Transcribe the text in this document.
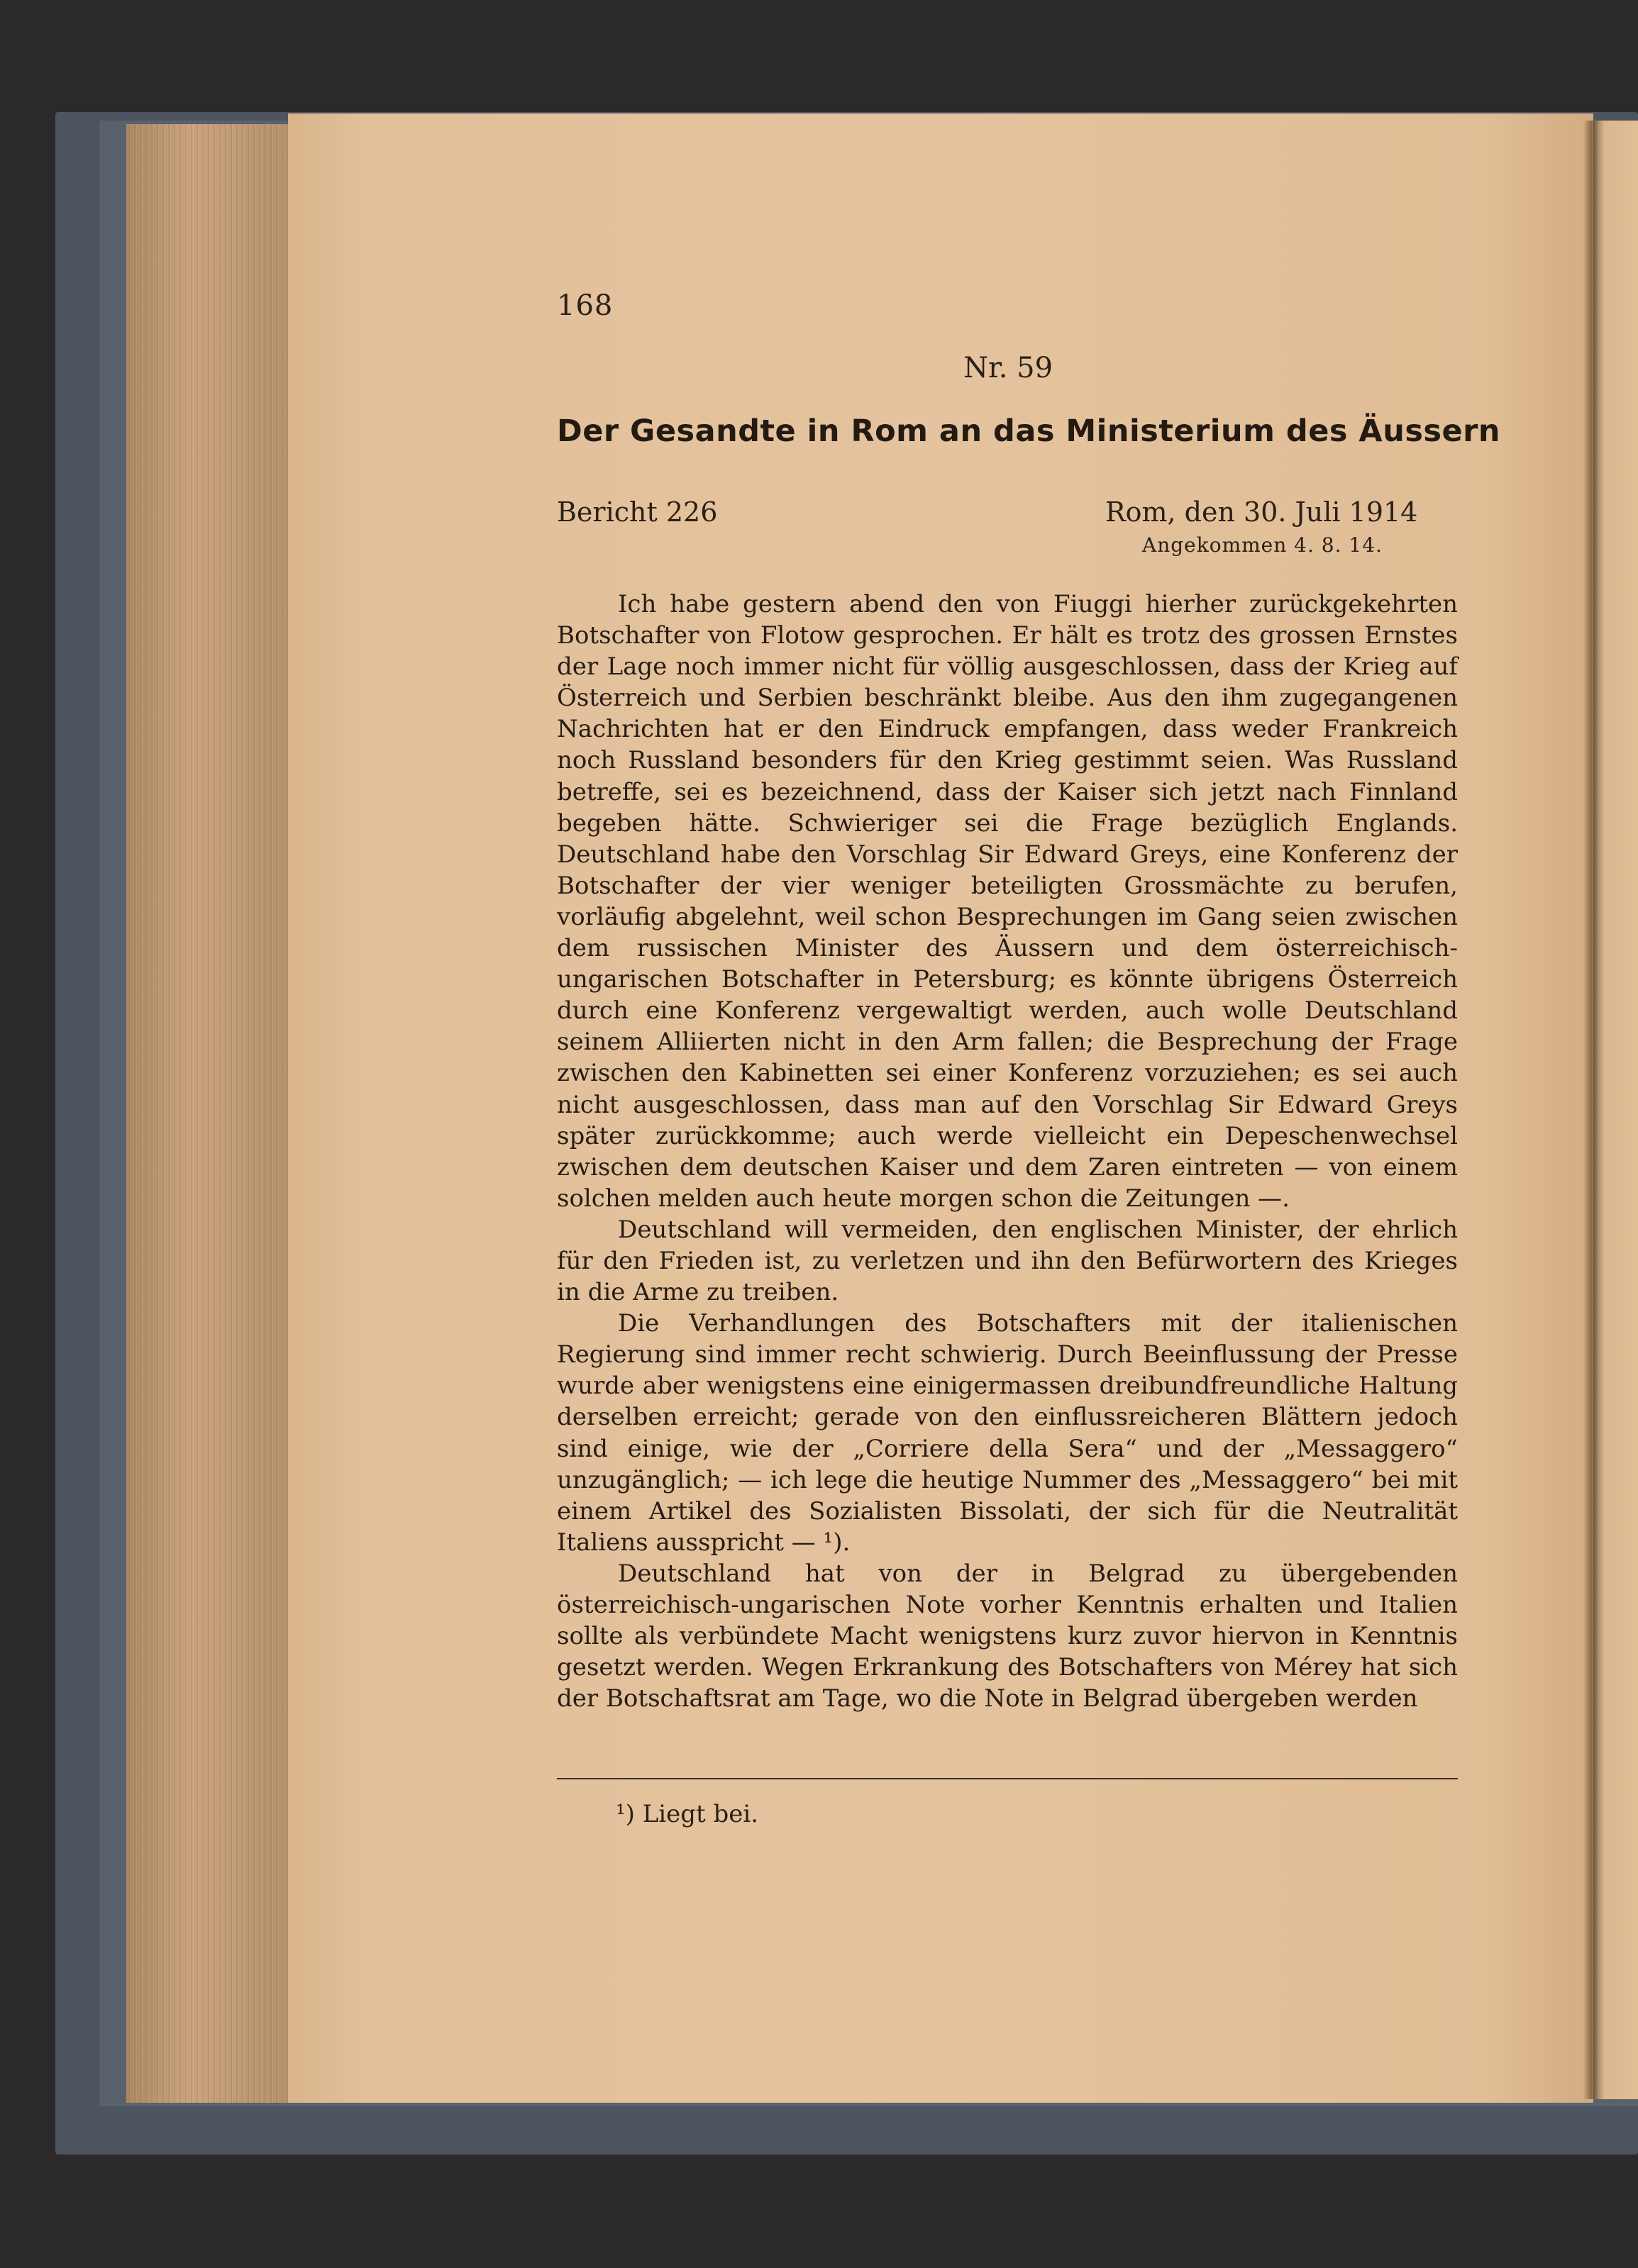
168
Nr. 59
Der Gesandte in Rom an das Ministerium des Äussern
Bericht 226	Rom, den 30. Juli 1914
Angekommen 4. 8. 14.

Ich habe gestern abend den von Fiuggi hierher zurückgekehrten Botschafter von Flotow gesprochen. Er hält es trotz des grossen Ernstes der Lage noch immer nicht für völlig ausgeschlossen, dass der Krieg auf Österreich und Serbien beschränkt bleibe. Aus den ihm zugegangenen Nachrichten hat er den Eindruck empfangen, dass weder Frankreich noch Russland besonders für den Krieg gestimmt seien. Was Russland betreffe, sei es bezeichnend, dass der Kaiser sich jetzt nach Finnland begeben hätte. Schwieriger sei die Frage bezüglich Englands. Deutschland habe den Vorschlag Sir Edward Greys, eine Konferenz der Botschafter der vier weniger beteiligten Grossmächte zu berufen, vorläufig abgelehnt, weil schon Besprechungen im Gang seien zwischen dem russischen Minister des Äussern und dem österreichisch-ungarischen Botschafter in Petersburg; es könnte übrigens Österreich durch eine Konferenz vergewaltigt werden, auch wolle Deutschland seinem Alliierten nicht in den Arm fallen; die Besprechung der Frage zwischen den Kabinetten sei einer Konferenz vorzuziehen; es sei auch nicht ausgeschlossen, dass man auf den Vorschlag Sir Edward Greys später zurückkomme; auch werde vielleicht ein Depeschenwechsel zwischen dem deutschen Kaiser und dem Zaren eintreten — von einem solchen melden auch heute morgen schon die Zeitungen —.

Deutschland will vermeiden, den englischen Minister, der ehrlich für den Frieden ist, zu verletzen und ihn den Befürwortern des Krieges in die Arme zu treiben.

Die Verhandlungen des Botschafters mit der italienischen Regierung sind immer recht schwierig. Durch Beeinflussung der Presse wurde aber wenigstens eine einigermassen dreibundfreundliche Haltung derselben erreicht; gerade von den einflussreicheren Blättern jedoch sind einige, wie der „Corriere della Sera“ und der „Messaggero“ unzugänglich; — ich lege die heutige Nummer des „Messaggero“ bei mit einem Artikel des Sozialisten Bissolati, der sich für die Neutralität Italiens ausspricht — ¹).

Deutschland hat von der in Belgrad zu übergebenden österreichisch-ungarischen Note vorher Kenntnis erhalten und Italien sollte als verbündete Macht wenigstens kurz zuvor hiervon in Kenntnis gesetzt werden. Wegen Erkrankung des Botschafters von Mérey hat sich der Botschaftsrat am Tage, wo die Note in Belgrad übergeben werden

¹) Liegt bei.
